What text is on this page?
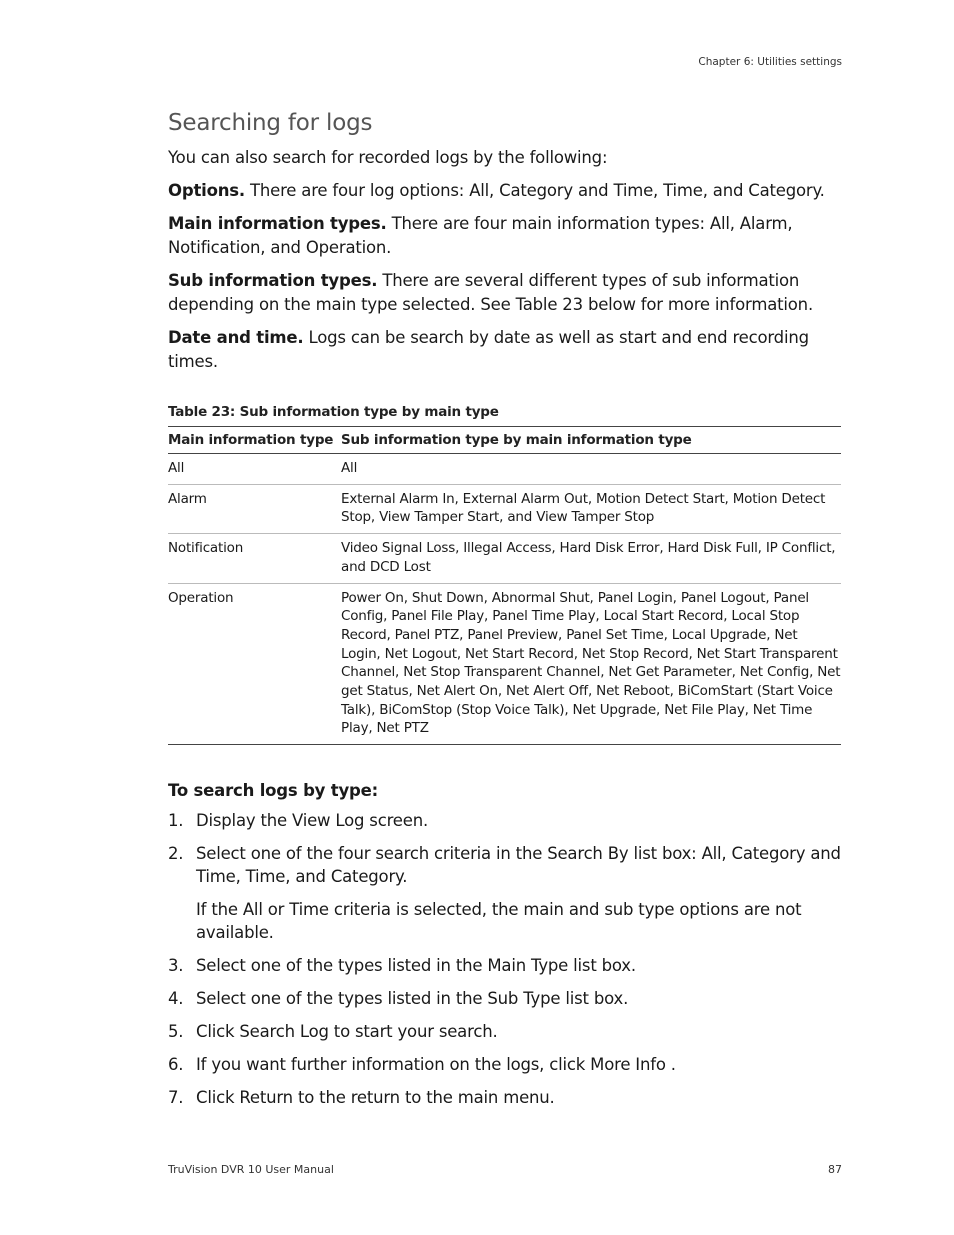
Chapter 6: Utilities settings
Searching for logs

You can also search for recorded logs by the following:

Options. There are four log options: All, Category and Time, Time, and Category.

Main information types. There are four main information types: All, Alarm, Notification, and Operation.

Sub information types. There are several different types of sub information depending on the main type selected. See Table 23 below for more information.

Date and time. Logs can be search by date as well as start and end recording times.

Table 23: Sub information type by main type
Main information type	Sub information type by main information type
All	All
Alarm	External Alarm In, External Alarm Out, Motion Detect Start, Motion Detect Stop, View Tamper Start, and View Tamper Stop
Notification	Video Signal Loss, Illegal Access, Hard Disk Error, Hard Disk Full, IP Conflict, and DCD Lost
Operation	Power On, Shut Down, Abnormal Shut, Panel Login, Panel Logout, Panel Config, Panel File Play, Panel Time Play, Local Start Record, Local Stop Record, Panel PTZ, Panel Preview, Panel Set Time, Local Upgrade, Net Login, Net Logout, Net Start Record, Net Stop Record, Net Start Transparent Channel, Net Stop Transparent Channel, Net Get Parameter, Net Config, Net get Status, Net Alert On, Net Alert Off, Net Reboot, BiComStart (Start Voice Talk), BiComStop (Stop Voice Talk), Net Upgrade, Net File Play, Net Time Play, Net PTZ
To search logs by type:
1. Display the View Log screen.
2. Select one of the four search criteria in the Search By list box: All, Category and Time, Time, and Category.
If the All or Time criteria is selected, the main and sub type options are not available.
3. Select one of the types listed in the Main Type list box.
4. Select one of the types listed in the Sub Type list box.
5. Click Search Log to start your search.
6. If you want further information on the logs, click More Info .
7. Click Return to the return to the main menu.
TruVision DVR 10 User Manual	87
